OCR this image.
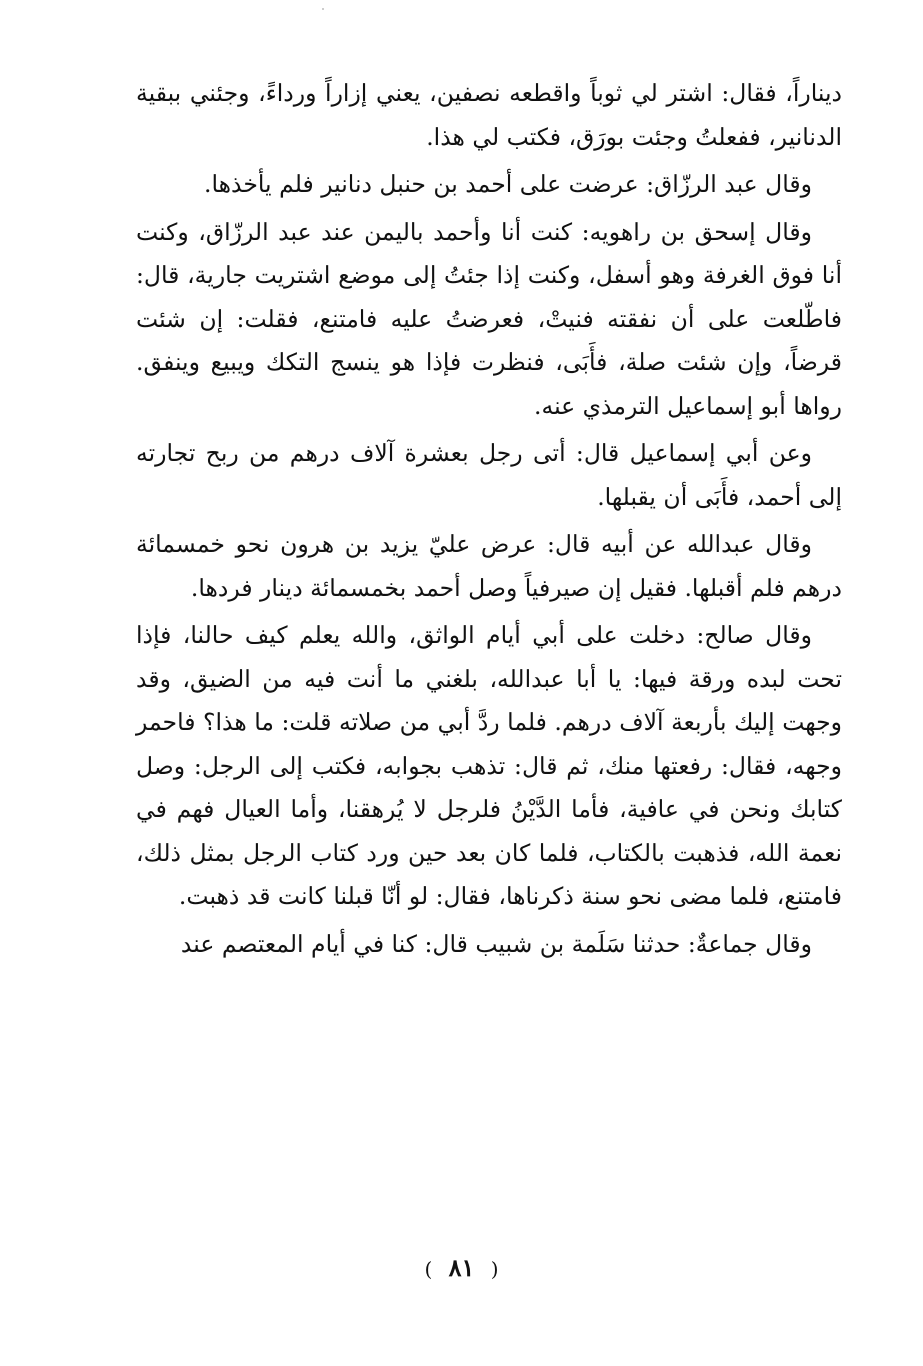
ديناراً، فقال: اشتر لي ثوباً واقطعه نصفين، يعني إزاراً ورداءً، وجئني ببقية الدنانير، ففعلتُ وجئت بورَق، فكتب لي هذا.

وقال عبد الرزّاق: عرضت على أحمد بن حنبل دنانير فلم يأخذها.

وقال إسحق بن راهويه: كنت أنا وأحمد باليمن عند عبد الرزّاق، وكنت أنا فوق الغرفة وهو أسفل، وكنت إذا جئتُ إلى موضع اشتريت جارية، قال: فاطّلعت على أن نفقته فنيتْ، فعرضتُ عليه فامتنع، فقلت: إن شئت قرضاً، وإن شئت صلة، فأَبَى، فنظرت فإذا هو ينسج التكك ويبيع وينفق. رواها أبو إسماعيل الترمذي عنه.

وعن أبي إسماعيل قال: أتى رجل بعشرة آلاف درهم من ربح تجارته إلى أحمد، فأَبَى أن يقبلها.

وقال عبدالله عن أبيه قال: عرض عليّ يزيد بن هرون نحو خمسمائة درهم فلم أقبلها. فقيل إن صيرفياً وصل أحمد بخمسمائة دينار فردها.

وقال صالح: دخلت على أبي أيام الواثق، والله يعلم كيف حالنا، فإذا تحت لبده ورقة فيها: يا أبا عبدالله، بلغني ما أنت فيه من الضيق، وقد وجهت إليك بأربعة آلاف درهم. فلما ردَّ أبي من صلاته قلت: ما هذا؟ فاحمر وجهه، فقال: رفعتها منك، ثم قال: تذهب بجوابه، فكتب إلى الرجل: وصل كتابك ونحن في عافية، فأما الدَّيْنُ فلرجل لا يُرهقنا، وأما العيال فهم في نعمة الله، فذهبت بالكتاب، فلما كان بعد حين ورد كتاب الرجل بمثل ذلك، فامتنع، فلما مضى نحو سنة ذكرناها، فقال: لو أنّا قبلنا كانت قد ذهبت.

وقال جماعةٌ: حدثنا سَلَمة بن شبيب قال: كنا في أيام المعتصم عند

( ٨١ )
